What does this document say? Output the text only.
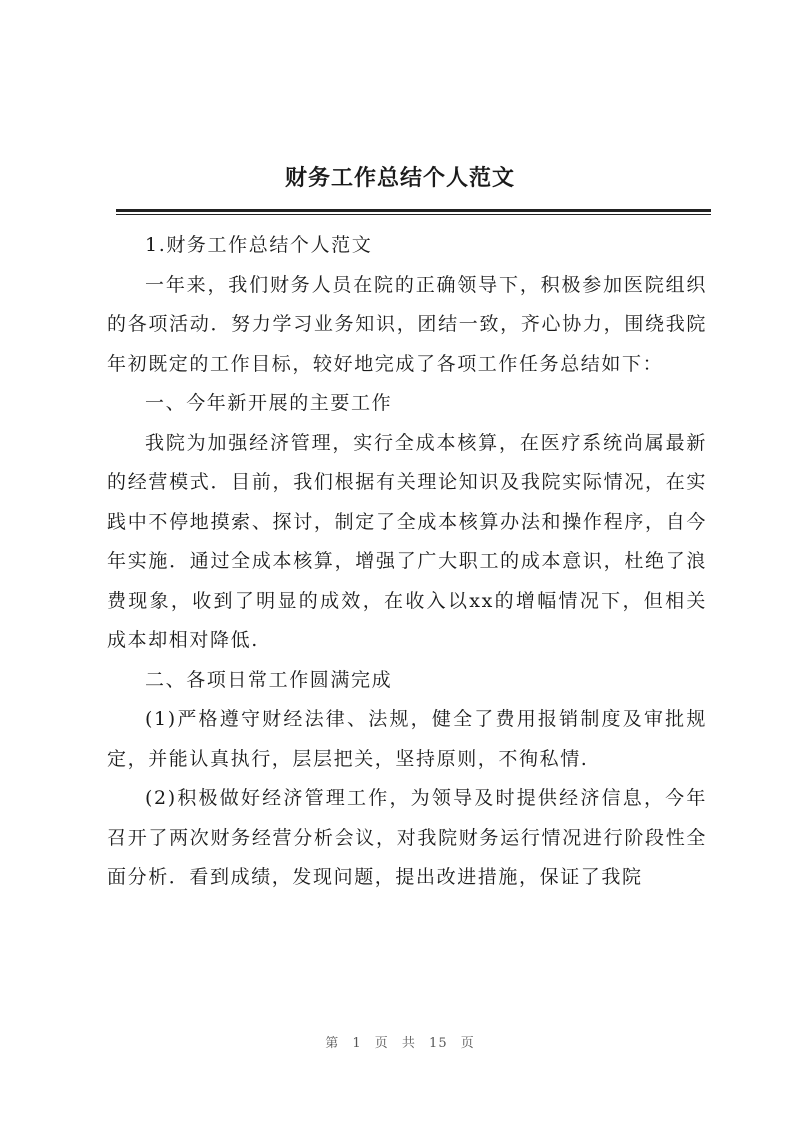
财务工作总结个人范文

1.财务工作总结个人范文

一年来，我们财务人员在院的正确领导下，积极参加医院组织的各项活动．努力学习业务知识，团结一致，齐心协力，围绕我院年初既定的工作目标，较好地完成了各项工作任务总结如下：

一、今年新开展的主要工作

我院为加强经济管理，实行全成本核算，在医疗系统尚属最新的经营模式．目前，我们根据有关理论知识及我院实际情况，在实践中不停地摸索、探讨，制定了全成本核算办法和操作程序，自今年实施．通过全成本核算，增强了广大职工的成本意识，杜绝了浪费现象，收到了明显的成效，在收入以xx的增幅情况下，但相关成本却相对降低.

二、各项日常工作圆满完成

(1)严格遵守财经法律、法规，健全了费用报销制度及审批规定，并能认真执行，层层把关，坚持原则，不徇私情.

(2)积极做好经济管理工作，为领导及时提供经济信息，今年召开了两次财务经营分析会议，对我院财务运行情况进行阶段性全面分析．看到成绩，发现问题，提出改进措施，保证了我院

第 1 页 共 15 页
